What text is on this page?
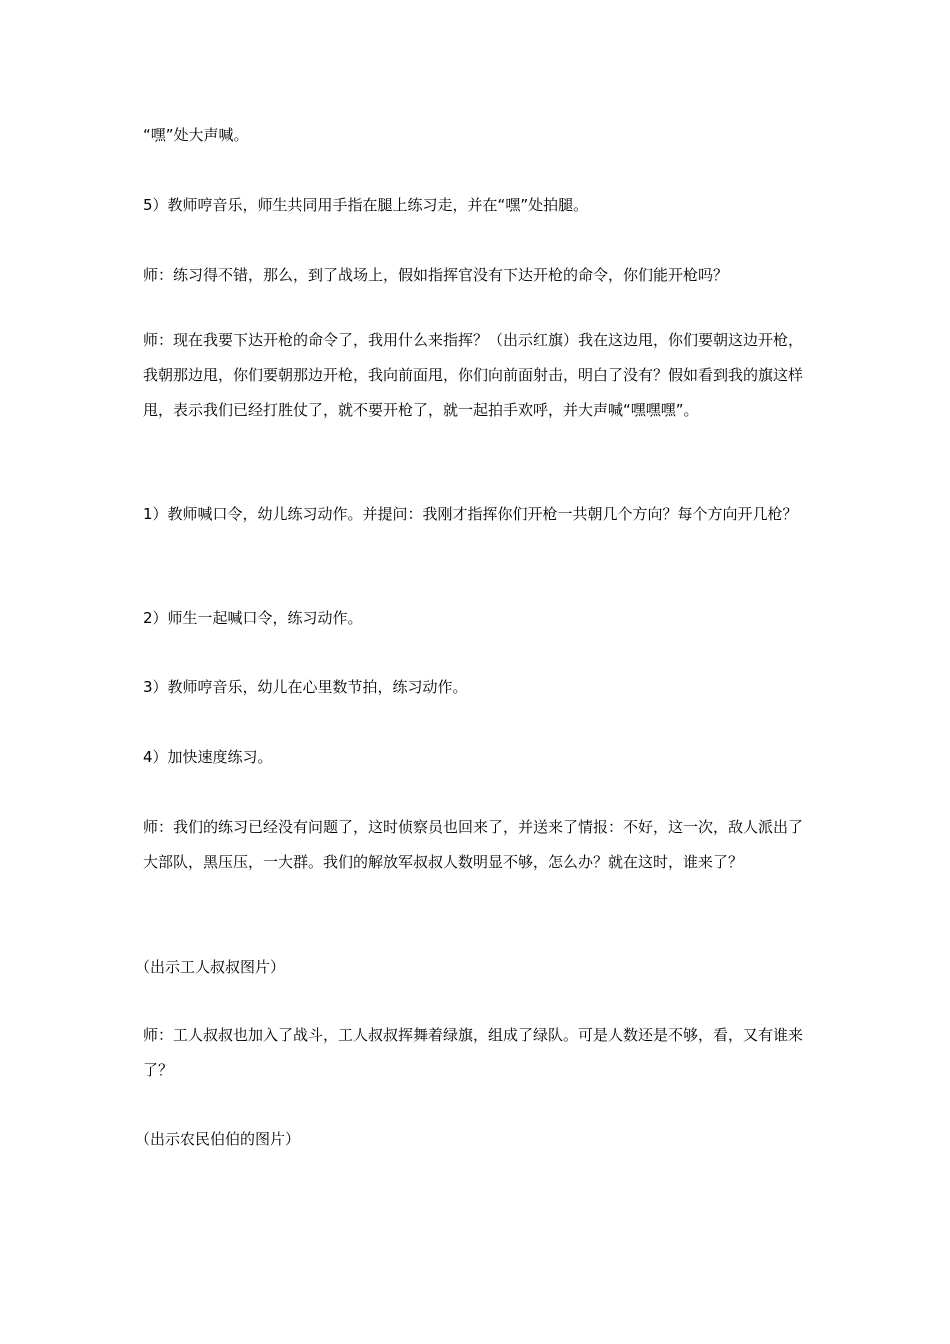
“嘿”处大声喊。

5）教师哼音乐，师生共同用手指在腿上练习走，并在“嘿”处拍腿。

师：练习得不错，那么，到了战场上，假如指挥官没有下达开枪的命令，你们能开枪吗？

师：现在我要下达开枪的命令了，我用什么来指挥？（出示红旗）我在这边甩，你们要朝这边开枪，我朝那边甩，你们要朝那边开枪，我向前面甩，你们向前面射击，明白了没有？假如看到我的旗这样甩，表示我们已经打胜仗了，就不要开枪了，就一起拍手欢呼，并大声喊“嘿嘿嘿”。

1）教师喊口令，幼儿练习动作。并提问：我刚才指挥你们开枪一共朝几个方向？每个方向开几枪？

2）师生一起喊口令，练习动作。

3）教师哼音乐，幼儿在心里数节拍，练习动作。

4）加快速度练习。

师：我们的练习已经没有问题了，这时侦察员也回来了，并送来了情报：不好，这一次，敌人派出了大部队，黑压压，一大群。我们的解放军叔叔人数明显不够，怎么办？就在这时，谁来了？

（出示工人叔叔图片）

师：工人叔叔也加入了战斗，工人叔叔挥舞着绿旗，组成了绿队。可是人数还是不够，看，又有谁来了？

（出示农民伯伯的图片）
